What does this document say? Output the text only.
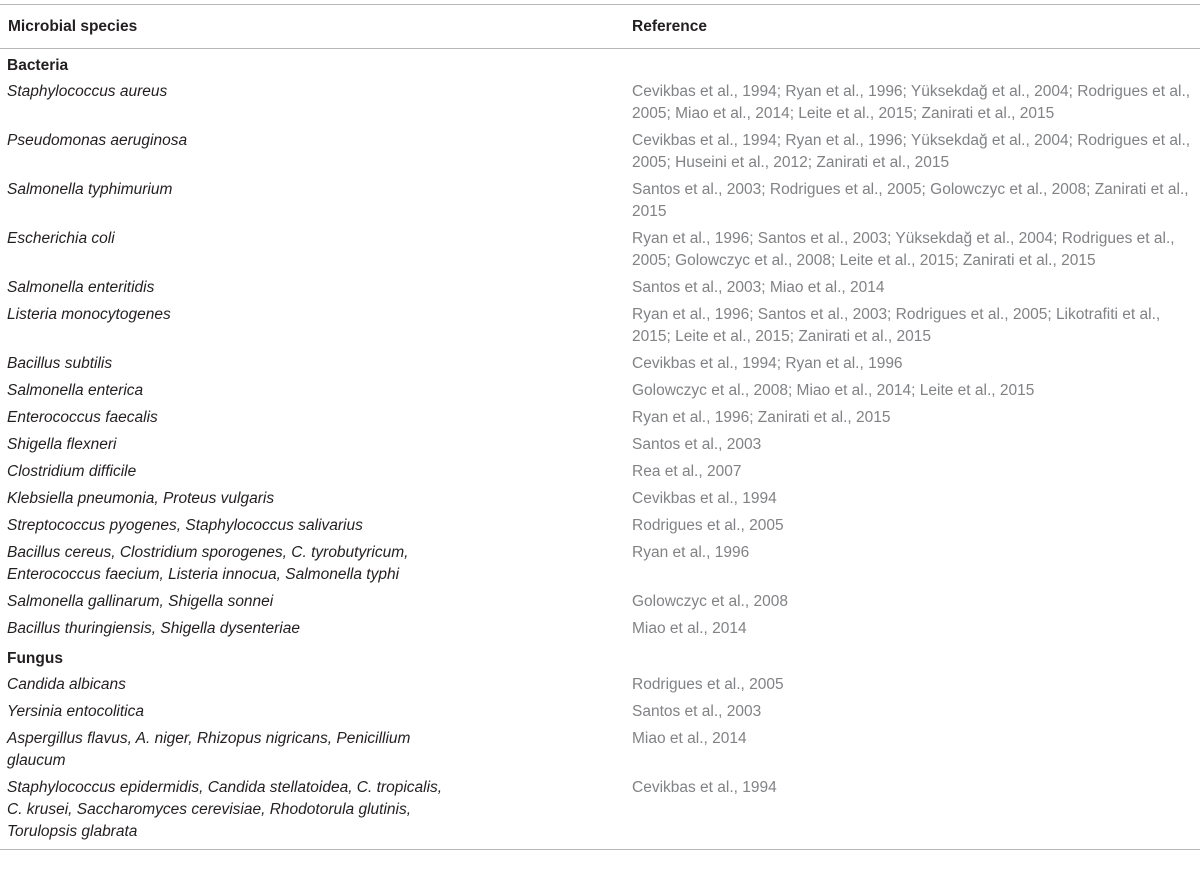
Microbial species	Reference
Bacteria	
Staphylococcus aureus	Cevikbas et al., 1994; Ryan et al., 1996; Yüksekdağ et al., 2004; Rodrigues et al., 2005; Miao et al., 2014; Leite et al., 2015; Zanirati et al., 2015
Pseudomonas aeruginosa	Cevikbas et al., 1994; Ryan et al., 1996; Yüksekdağ et al., 2004; Rodrigues et al., 2005; Huseini et al., 2012; Zanirati et al., 2015
Salmonella typhimurium	Santos et al., 2003; Rodrigues et al., 2005; Golowczyc et al., 2008; Zanirati et al., 2015
Escherichia coli	Ryan et al., 1996; Santos et al., 2003; Yüksekdağ et al., 2004; Rodrigues et al., 2005; Golowczyc et al., 2008; Leite et al., 2015; Zanirati et al., 2015
Salmonella enteritidis	Santos et al., 2003; Miao et al., 2014
Listeria monocytogenes	Ryan et al., 1996; Santos et al., 2003; Rodrigues et al., 2005; Likotrafiti et al., 2015; Leite et al., 2015; Zanirati et al., 2015
Bacillus subtilis	Cevikbas et al., 1994; Ryan et al., 1996
Salmonella enterica	Golowczyc et al., 2008; Miao et al., 2014; Leite et al., 2015
Enterococcus faecalis	Ryan et al., 1996; Zanirati et al., 2015
Shigella flexneri	Santos et al., 2003
Clostridium difficile	Rea et al., 2007
Klebsiella pneumonia, Proteus vulgaris	Cevikbas et al., 1994
Streptococcus pyogenes, Staphylococcus salivarius	Rodrigues et al., 2005
Bacillus cereus, Clostridium sporogenes, C. tyrobutyricum, Enterococcus faecium, Listeria innocua, Salmonella typhi	Ryan et al., 1996
Salmonella gallinarum, Shigella sonnei	Golowczyc et al., 2008
Bacillus thuringiensis, Shigella dysenteriae	Miao et al., 2014
Fungus	
Candida albicans	Rodrigues et al., 2005
Yersinia entocolitica	Santos et al., 2003
Aspergillus flavus, A. niger, Rhizopus nigricans, Penicillium glaucum	Miao et al., 2014
Staphylococcus epidermidis, Candida stellatoidea, C. tropicalis, C. krusei, Saccharomyces cerevisiae, Rhodotorula glutinis, Torulopsis glabrata	Cevikbas et al., 1994
